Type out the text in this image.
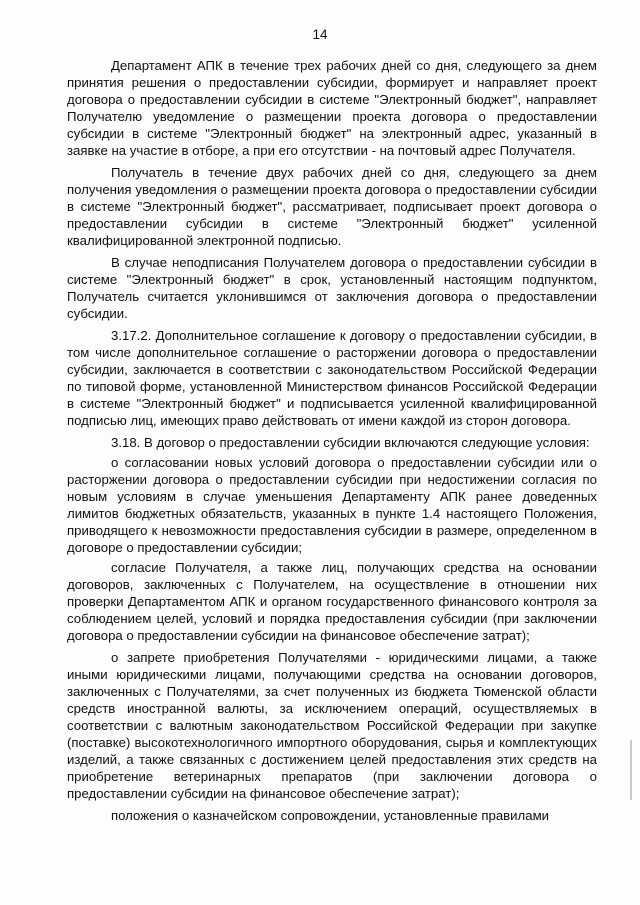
14

Департамент АПК в течение трех рабочих дней со дня, следующего за днем принятия решения о предоставлении субсидии, формирует и направляет проект договора о предоставлении субсидии в системе "Электронный бюджет", направляет Получателю уведомление о размещении проекта договора о предоставлении субсидии в системе "Электронный бюджет" на электронный адрес, указанный в заявке на участие в отборе, а при его отсутствии - на почтовый адрес Получателя.

Получатель в течение двух рабочих дней со дня, следующего за днем получения уведомления о размещении проекта договора о предоставлении субсидии в системе "Электронный бюджет", рассматривает, подписывает проект договора о предоставлении субсидии в системе "Электронный бюджет" усиленной квалифицированной электронной подписью.

В случае неподписания Получателем договора о предоставлении субсидии в системе "Электронный бюджет" в срок, установленный настоящим подпунктом, Получатель считается уклонившимся от заключения договора о предоставлении субсидии.

3.17.2. Дополнительное соглашение к договору о предоставлении субсидии, в том числе дополнительное соглашение о расторжении договора о предоставлении субсидии, заключается в соответствии с законодательством Российской Федерации по типовой форме, установленной Министерством финансов Российской Федерации в системе "Электронный бюджет" и подписывается усиленной квалифицированной подписью лиц, имеющих право действовать от имени каждой из сторон договора.

3.18. В договор о предоставлении субсидии включаются следующие условия:

о согласовании новых условий договора о предоставлении субсидии или о расторжении договора о предоставлении субсидии при недостижении согласия по новым условиям в случае уменьшения Департаменту АПК ранее доведенных лимитов бюджетных обязательств, указанных в пункте 1.4 настоящего Положения, приводящего к невозможности предоставления субсидии в размере, определенном в договоре о предоставлении субсидии;

согласие Получателя, а также лиц, получающих средства на основании договоров, заключенных с Получателем, на осуществление в отношении них проверки Департаментом АПК и органом государственного финансового контроля за соблюдением целей, условий и порядка предоставления субсидии (при заключении договора о предоставлении субсидии на финансовое обеспечение затрат);

о запрете приобретения Получателями - юридическими лицами, а также иными юридическими лицами, получающими средства на основании договоров, заключенных с Получателями, за счет полученных из бюджета Тюменской области средств иностранной валюты, за исключением операций, осуществляемых в соответствии с валютным законодательством Российской Федерации при закупке (поставке) высокотехнологичного импортного оборудования, сырья и комплектующих изделий, а также связанных с достижением целей предоставления этих средств на приобретение ветеринарных препаратов (при заключении договора о предоставлении субсидии на финансовое обеспечение затрат);

положения о казначейском сопровождении, установленные правилами
